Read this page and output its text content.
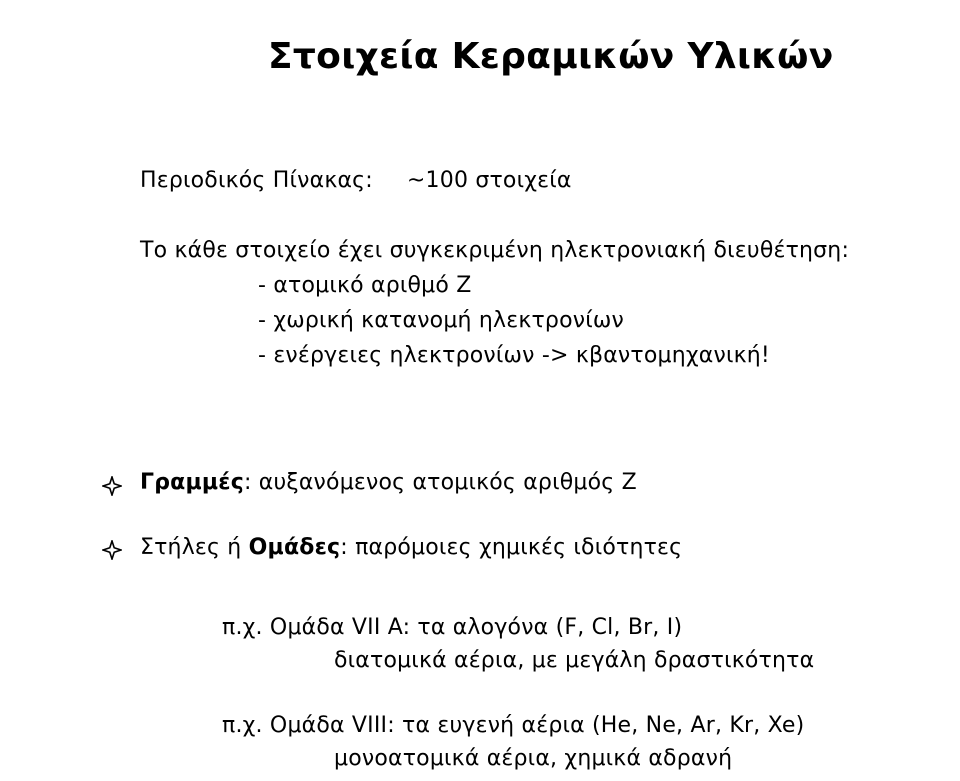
Στοιχεία Κεραμικών Υλικών
Περιοδικός Πίνακας: ~100 στοιχεία
Το κάθε στοιχείο έχει συγκεκριμένη ηλεκτρονιακή διευθέτηση:
- ατομικό αριθμό Z
- χωρική κατανομή ηλεκτρονίων
- ενέργειες ηλεκτρονίων -> κβαντομηχανική!
Γραμμές: αυξανόμενος ατομικός αριθμός Z
Στήλες ή Ομάδες: παρόμοιες χημικές ιδιότητες
π.χ. Ομάδα VII A: τα αλογόνα (F, Cl, Br, I)
διατομικά αέρια, με μεγάλη δραστικότητα
π.χ. Ομάδα VIII: τα ευγενή αέρια (He, Ne, Ar, Kr, Xe)
μονοατομικά αέρια, χημικά αδρανή
